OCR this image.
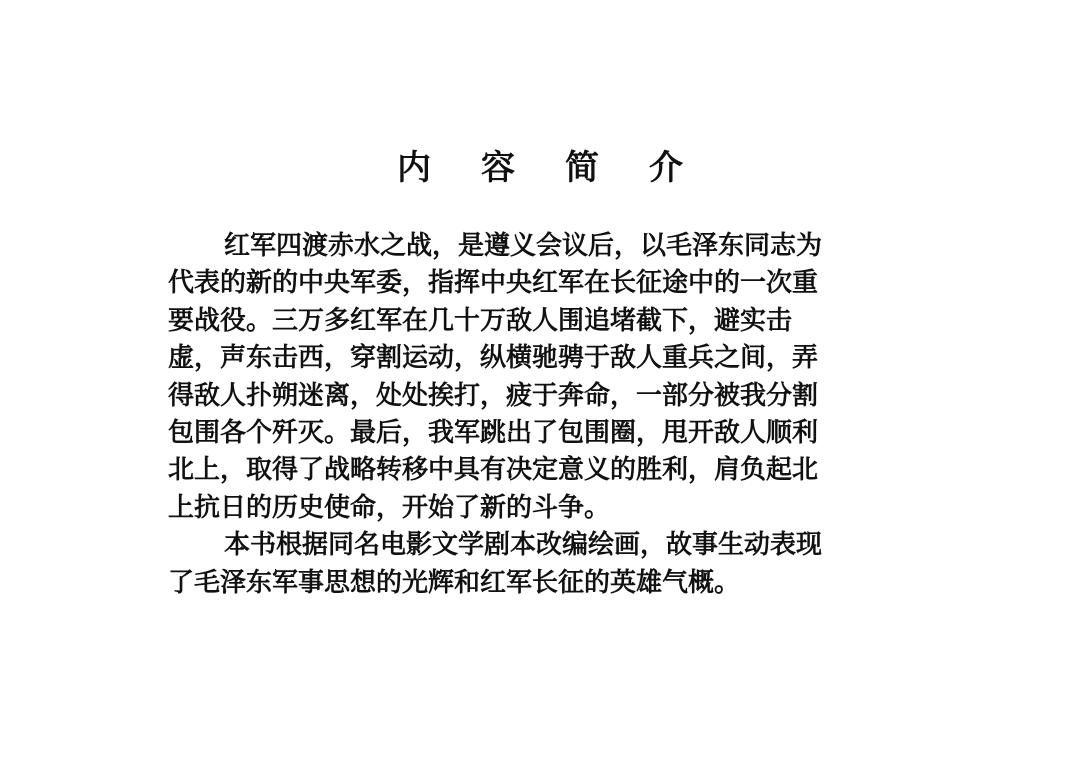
内 容 简 介
红军四渡赤水之战，是遵义会议后，以毛泽东同志为
代表的新的中央军委，指挥中央红军在长征途中的一次重
要战役。三万多红军在几十万敌人围追堵截下，避实击
虚，声东击西，穿割运动，纵横驰骋于敌人重兵之间，弄
得敌人扑朔迷离，处处挨打，疲于奔命，一部分被我分割
包围各个歼灭。最后，我军跳出了包围圈，甩开敌人顺利
北上，取得了战略转移中具有决定意义的胜利，肩负起北
上抗日的历史使命，开始了新的斗争。
本书根据同名电影文学剧本改编绘画，故事生动表现
了毛泽东军事思想的光辉和红军长征的英雄气概。
